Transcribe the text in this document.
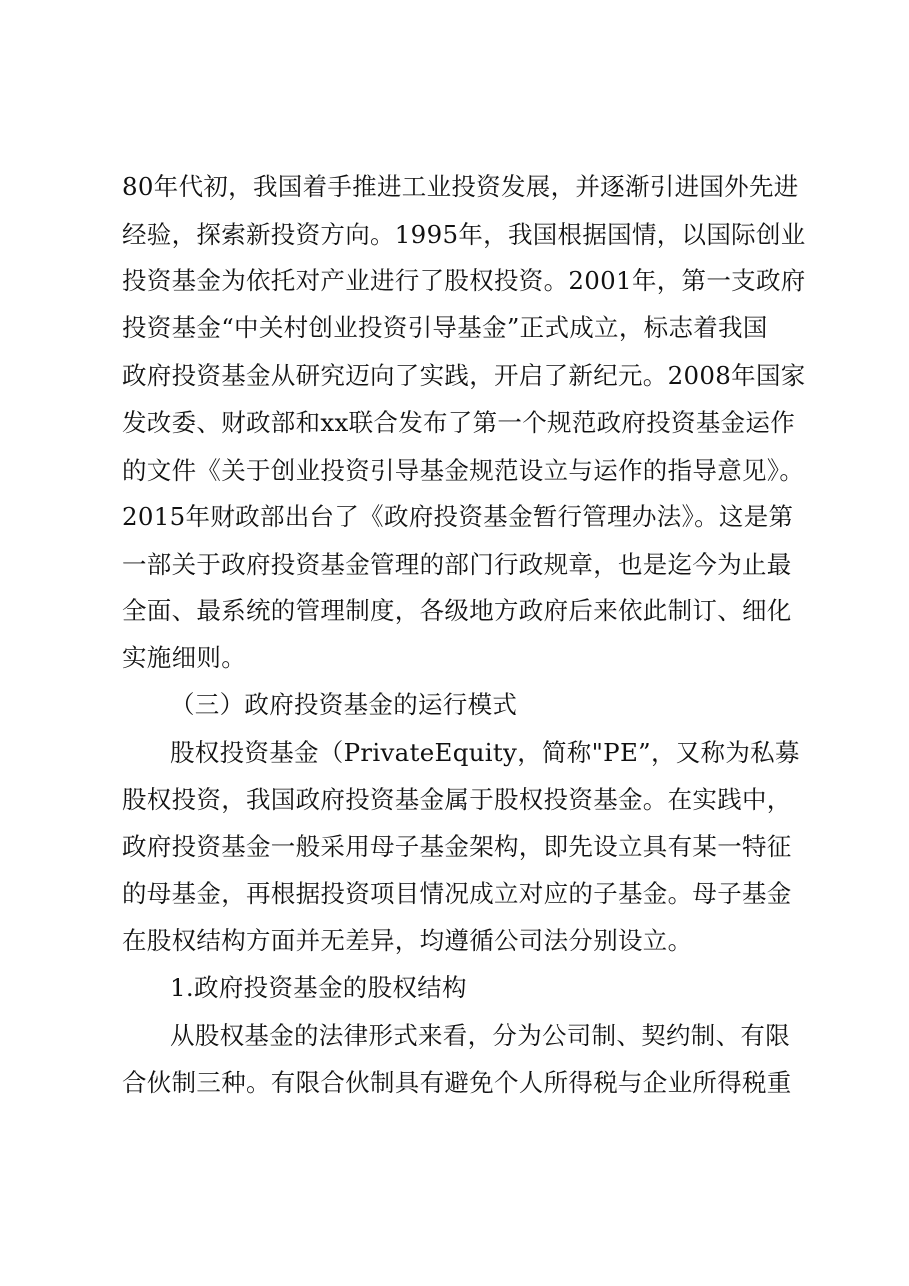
80年代初，我国着手推进工业投资发展，并逐渐引进国外先进
经验，探索新投资方向。1995年，我国根据国情，以国际创业
投资基金为依托对产业进行了股权投资。2001年，第一支政府
投资基金“中关村创业投资引导基金”正式成立，标志着我国
政府投资基金从研究迈向了实践，开启了新纪元。2008年国家
发改委、财政部和xx联合发布了第一个规范政府投资基金运作
的文件《关于创业投资引导基金规范设立与运作的指导意见》。
2015年财政部出台了《政府投资基金暂行管理办法》。这是第
一部关于政府投资基金管理的部门行政规章，也是迄今为止最
全面、最系统的管理制度，各级地方政府后来依此制订、细化
实施细则。
（三）政府投资基金的运行模式
股权投资基金（PrivateEquity，简称"PE”，又称为私募
股权投资，我国政府投资基金属于股权投资基金。在实践中，
政府投资基金一般采用母子基金架构，即先设立具有某一特征
的母基金，再根据投资项目情况成立对应的子基金。母子基金
在股权结构方面并无差异，均遵循公司法分别设立。
1.政府投资基金的股权结构
从股权基金的法律形式来看，分为公司制、契约制、有限
合伙制三种。有限合伙制具有避免个人所得税与企业所得税重
